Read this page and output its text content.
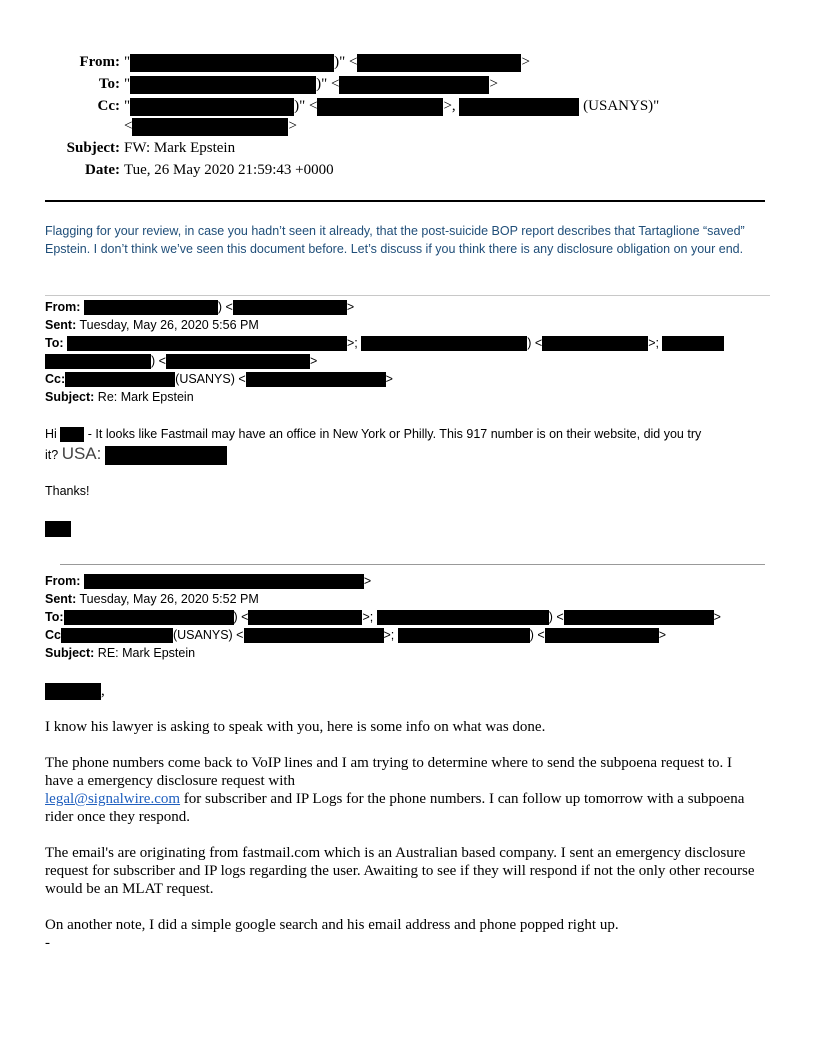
From: "	)" <	>
To: "	)" <	>
Cc: "	)" <	>,	(USANYS)"
<	>
Subject: FW: Mark Epstein
Date: Tue, 26 May 2020 21:59:43 +0000
Flagging for your review, in case you hadn’t seen it already, that the post-suicide BOP report describes that Tartaglione “saved” Epstein. I don’t think we’ve seen this document before. Let’s discuss if you think there is any disclosure obligation on your end.
From:	) <	>
Sent: Tuesday, May 26, 2020 5:56 PM
To:	>;	) <	>;
) <	>
Cc:	(USANYS) <	>
Subject: Re: Mark Epstein
Hi  - It looks like Fastmail may have an office in New York or Philly. This 917 number is on their website, did you try
it? USA:
Thanks!
From:	>
Sent: Tuesday, May 26, 2020 5:52 PM
To:	) <	>;	) <	>
Cc	(USANYS) <	>;	) <	>
Subject: RE: Mark Epstein
,
I know his lawyer is asking to speak with you, here is some info on what was done.
The phone numbers come back to VoIP lines and I am trying to determine where to send the subpoena request to. I have a emergency disclosure request with
legal@signalwire.com for subscriber and IP Logs for the phone numbers. I can follow up tomorrow with a subpoena rider once they respond.
The email's are originating from fastmail.com which is an Australian based company. I sent an emergency disclosure request for subscriber and IP logs regarding the user. Awaiting to see if they will respond if not the only other recourse would be an MLAT request.
On another note, I did a simple google search and his email address and phone popped right up.
-
